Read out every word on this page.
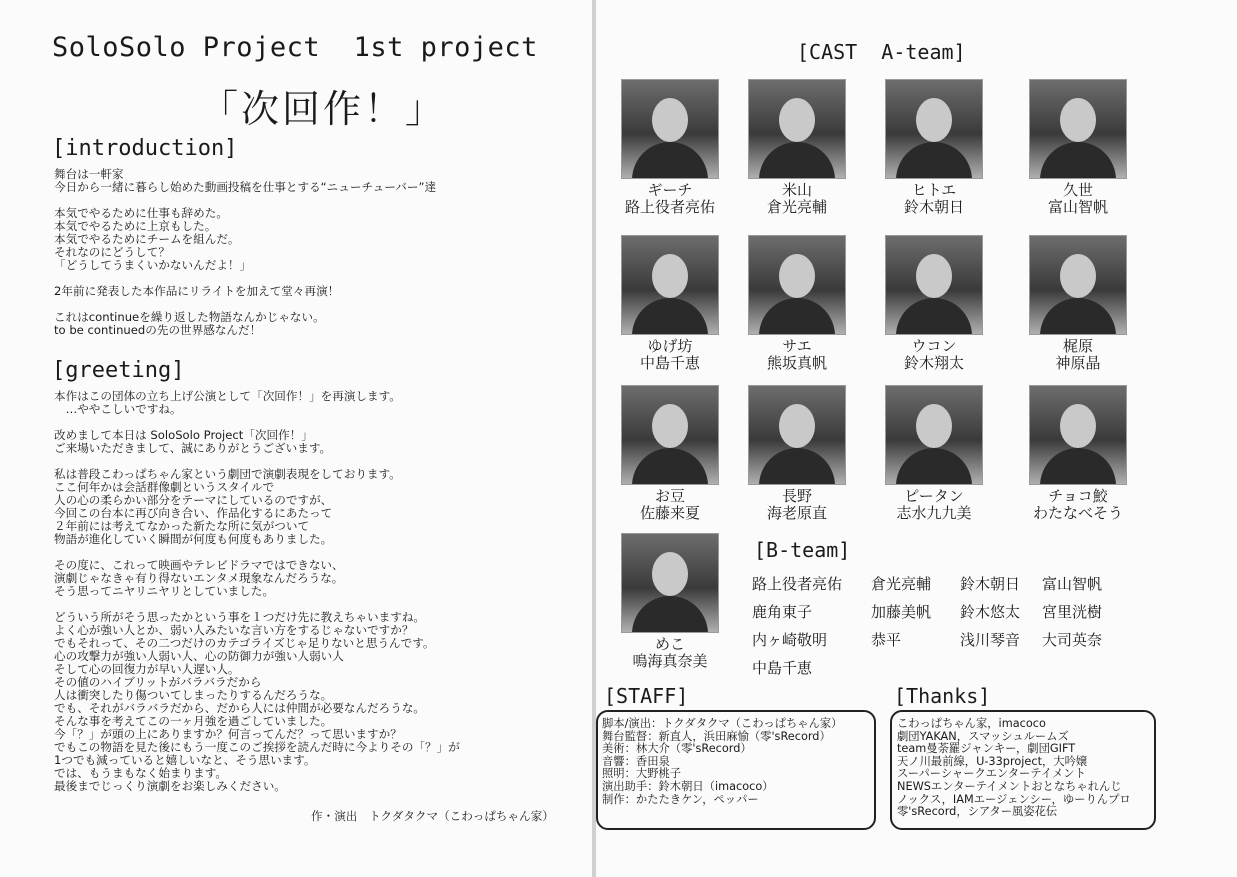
SoloSolo Project  1st project
「次回作！」
[introduction]
舞台は一軒家
今日から一緒に暮らし始めた動画投稿を仕事とする“ニューチューバー”達

本気でやるために仕事も辞めた。
本気でやるために上京もした。
本気でやるためにチームを組んだ。
それなのにどうして？
「どうしてうまくいかないんだよ！」

2年前に発表した本作品にリライトを加えて堂々再演！

これはcontinueを繰り返した物語なんかじゃない。
to be continuedの先の世界感なんだ！
[greeting]
本作はこの団体の立ち上げ公演として「次回作！」を再演します。
　…ややこしいですね。

改めまして本日は SoloSolo Project「次回作！」
ご来場いただきまして、誠にありがとうございます。

私は普段こわっぱちゃん家という劇団で演劇表現をしております。
ここ何年かは会話群像劇というスタイルで
人の心の柔らかい部分をテーマにしているのですが、
今回この台本に再び向き合い、作品化するにあたって
２年前には考えてなかった新たな所に気がついて
物語が進化していく瞬間が何度も何度もありました。

その度に、これって映画やテレビドラマではできない、
演劇じゃなきゃ有り得ないエンタメ現象なんだろうな。
そう思ってニヤリニヤリとしていました。

どういう所がそう思ったかという事を１つだけ先に教えちゃいますね。
よく心が強い人とか、弱い人みたいな言い方をするじゃないですか？
でもそれって、その二つだけのカテゴライズじゃ足りないと思うんです。
心の攻撃力が強い人弱い人、心の防御力が強い人弱い人
そして心の回復力が早い人遅い人。
その値のハイブリットがバラバラだから
人は衝突したり傷ついてしまったりするんだろうな。
でも、それがバラバラだから、だから人には仲間が必要なんだろうな。
そんな事を考えてこの一ヶ月強を過ごしていました。
今「？」が頭の上にありますか？何言ってんだ？って思いますか？
でもこの物語を見た後にもう一度このご挨拶を読んだ時に今よりその「？」が
1つでも減っていると嬉しいなと、そう思います。
では、もうまもなく始まります。
最後までじっくり演劇をお楽しみください。
作・演出　トクダタクマ（こわっぱちゃん家）
[CAST  A-team]
ギーチ
路上役者亮佑
米山
倉光亮輔
ヒトエ
鈴木朝日
久世
富山智帆
ゆげ坊
中島千恵
サエ
熊坂真帆
ウコン
鈴木翔太
梶原
神原晶
お豆
佐藤来夏
長野
海老原直
ピータン
志水九九美
チョコ鮫
わたなべそう
めこ
鳴海真奈美
[B-team]
路上役者亮佑 倉光亮輔 鈴木朝日 富山智帆
鹿角東子	加藤美帆 鈴木悠太 宮里洸樹
内ヶ崎敬明	恭平	浅川琴音 大司英奈
中島千恵
[STAFF]
脚本/演出：トクダタクマ（こわっぱちゃん家）
舞台監督：新直人，浜田麻愉（零'sRecord）
美術：林大介（零'sRecord）
音響：香田泉
照明：大野桃子
演出助手：鈴木朝日（imacoco）
制作：かたたきケン，ペッパー
[Thanks]
こわっぱちゃん家，imacoco
劇団YAKAN，スマッシュルームズ
team曼荼羅ジャンキー，劇団GIFT
天ノ川最前線，U-33project，大吟嬢
スーパーシャークエンターテイメント
NEWSエンターテイメントおとなちゃれんじ
ノックス，IAMエージェンシー，ゆーりんプロ
零'sRecord，シアター風姿花伝
